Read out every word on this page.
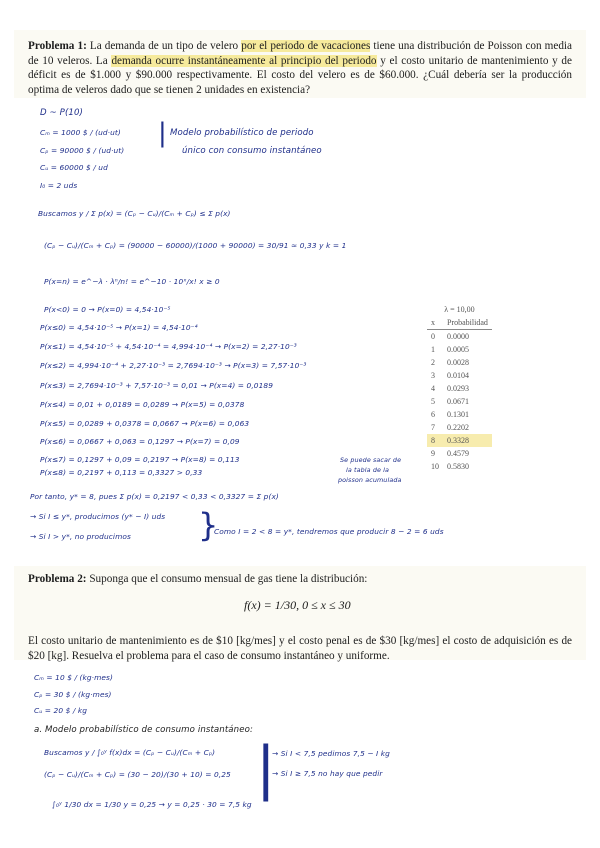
Problema 1: La demanda de un tipo de velero por el periodo de vacaciones tiene una distribución de Poisson con media de 10 veleros. La demanda ocurre instantáneamente al principio del periodo y el costo unitario de mantenimiento y de déficit es de $1.000 y $90.000 respectivamente. El costo del velero es de $60.000. ¿Cuál debería ser la producción optima de veleros dado que se tienen 2 unidades en existencia?
D ~ P(10)
Cₘ = 1000 $ / (ud·ut)
Cₚ = 90000 $ / (ud·ut)
Cᵤ = 60000 $ / ud
I₀ = 2 uds
| Modelo probabilístico de periodo
único con consumo instantáneo
Buscamos y / Σ p(x) = (Cₚ − Cᵤ)/(Cₘ + Cₚ) ≤ Σ p(x)
(Cₚ − Cᵤ)/(Cₘ + Cₚ) = (90000 − 60000)/(1000 + 90000) = 30/91 ≈ 0,33 y k = 1
P(x=n) = e^−λ · λⁿ/n! = e^−10 · 10ˣ/x! x ≥ 0
P(x<0) = 0 → P(x=0) = 4,54·10⁻⁵
P(x≤0) = 4,54·10⁻⁵ → P(x=1) = 4,54·10⁻⁴
P(x≤1) = 4,54·10⁻⁵ + 4,54·10⁻⁴ = 4,994·10⁻⁴ → P(x=2) = 2,27·10⁻³
P(x≤2) = 4,994·10⁻⁴ + 2,27·10⁻³ = 2,7694·10⁻³ → P(x=3) = 7,57·10⁻³
P(x≤3) = 2,7694·10⁻³ + 7,57·10⁻³ = 0,01 → P(x=4) = 0,0189
P(x≤4) = 0,01 + 0,0189 = 0,0289 → P(x=5) = 0,0378
P(x≤5) = 0,0289 + 0,0378 = 0,0667 → P(x=6) = 0,063
P(x≤6) = 0,0667 + 0,063 = 0,1297 → P(x=7) = 0,09
P(x≤7) = 0,1297 + 0,09 = 0,2197 → P(x=8) = 0,113
P(x≤8) = 0,2197 + 0,113 = 0,3327 > 0,33
Se puede sacar de
la tabla de la
poisson acumulada
λ = 10,00	
x	Probabilidad
0	0.0000
1	0.0005
2	0.0028
3	0.0104
4	0.0293
5	0.0671
6	0.1301
7	0.2202
8	0.3328
9	0.4579
10	0.5830
Por tanto, y* = 8, pues Σ p(x) = 0,2197 < 0,33 < 0,3327 = Σ p(x)
→ Si I ≤ y*, producimos (y* − I) uds
→ Si I > y*, no producimos }
Como I = 2 < 8 = y*, tendremos que producir 8 − 2 = 6 uds
Problema 2: Suponga que el consumo mensual de gas tiene la distribución:
f(x) = 1/30, 0 ≤ x ≤ 30
El costo unitario de mantenimiento es de $10 [kg/mes] y el costo penal es de $30 [kg/mes] el costo de adquisición es de $20 [kg]. Resuelva el problema para el caso de consumo instantáneo y uniforme.
Cₘ = 10 $ / (kg·mes)
Cₚ = 30 $ / (kg·mes)
Cᵤ = 20 $ / kg
a. Modelo probabilístico de consumo instantáneo:
Buscamos y / ∫₀ʸ f(x)dx = (Cₚ − Cᵤ)/(Cₘ + Cₚ)
(Cₚ − Cᵤ)/(Cₘ + Cₚ) = (30 − 20)/(30 + 10) = 0,25
∫₀ʸ 1/30 dx = 1/30 y = 0,25 → y = 0,25 · 30 = 7,5 kg
|
→ Si I < 7,5 pedimos 7,5 − I kg
→ Si I ≥ 7,5 no hay que pedir
